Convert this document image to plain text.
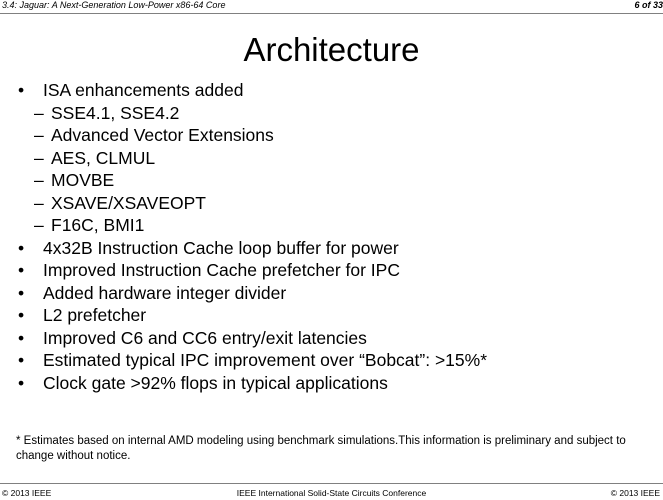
3.4: Jaguar: A Next-Generation Low-Power x86-64 Core	6 of 33
Architecture
• ISA enhancements added
– SSE4.1, SSE4.2
– Advanced Vector Extensions
– AES, CLMUL
– MOVBE
– XSAVE/XSAVEOPT
– F16C, BMI1
• 4x32B Instruction Cache loop buffer for power
• Improved Instruction Cache prefetcher for IPC
• Added hardware integer divider
• L2 prefetcher
• Improved C6 and CC6 entry/exit latencies
• Estimated typical IPC improvement over “Bobcat”: >15%*
• Clock gate >92% flops in typical applications
* Estimates based on internal AMD modeling using benchmark simulations.This information is preliminary and subject to change without notice.
© 2013 IEEE	IEEE International Solid-State Circuits Conference	© 2013 IEEE
